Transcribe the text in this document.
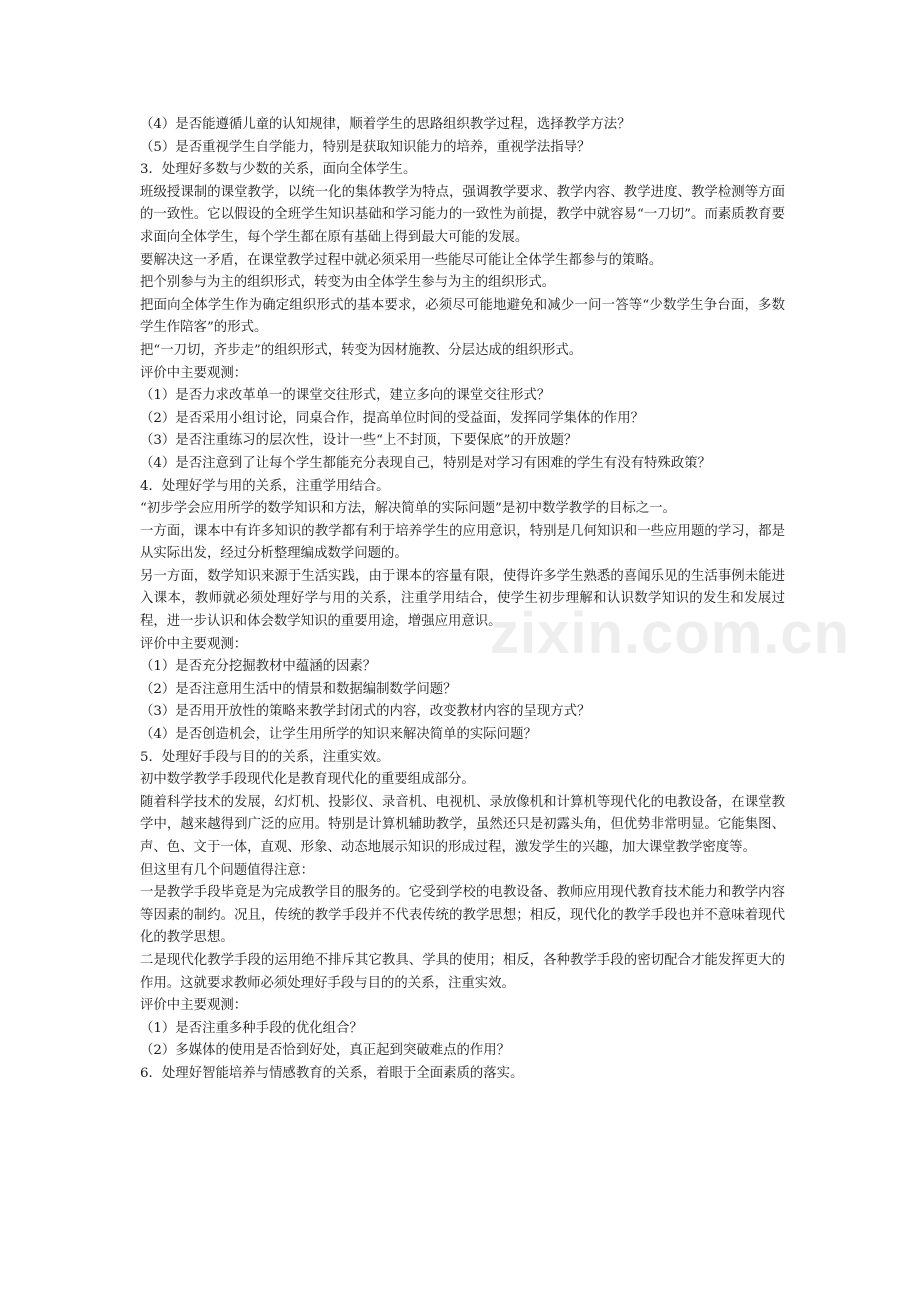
zixin.com.cn
（4）是否能遵循儿童的认知规律，顺着学生的思路组织教学过程，选择教学方法？
（5）是否重视学生自学能力，特别是获取知识能力的培养，重视学法指导？
3．处理好多数与少数的关系，面向全体学生。
班级授课制的课堂教学，以统一化的集体教学为特点，强调教学要求、教学内容、教学进度、教学检测等方面的一致性。它以假设的全班学生知识基础和学习能力的一致性为前提，教学中就容易“一刀切”。而素质教育要求面向全体学生，每个学生都在原有基础上得到最大可能的发展。
要解决这一矛盾，在课堂教学过程中就必须采用一些能尽可能让全体学生都参与的策略。
把个别参与为主的组织形式，转变为由全体学生参与为主的组织形式。
把面向全体学生作为确定组织形式的基本要求，必须尽可能地避免和减少一问一答等“少数学生争台面，多数学生作陪客”的形式。
把“一刀切，齐步走”的组织形式，转变为因材施教、分层达成的组织形式。
评价中主要观测：
（1）是否力求改革单一的课堂交往形式，建立多向的课堂交往形式？
（2）是否采用小组讨论，同桌合作，提高单位时间的受益面，发挥同学集体的作用？
（3）是否注重练习的层次性，设计一些“上不封顶，下要保底”的开放题？
（4）是否注意到了让每个学生都能充分表现自己，特别是对学习有困难的学生有没有特殊政策？
4．处理好学与用的关系，注重学用结合。
“初步学会应用所学的数学知识和方法，解决简单的实际问题”是初中数学教学的目标之一。
一方面，课本中有许多知识的教学都有利于培养学生的应用意识，特别是几何知识和一些应用题的学习，都是从实际出发，经过分析整理编成数学问题的。
另一方面，数学知识来源于生活实践，由于课本的容量有限，使得许多学生熟悉的喜闻乐见的生活事例未能进入课本，教师就必须处理好学与用的关系，注重学用结合，使学生初步理解和认识数学知识的发生和发展过程，进一步认识和体会数学知识的重要用途，增强应用意识。
评价中主要观测：
（1）是否充分挖掘教材中蕴涵的因素？
（2）是否注意用生活中的情景和数据编制数学问题？
（3）是否用开放性的策略来教学封闭式的内容，改变教材内容的呈现方式？
（4）是否创造机会，让学生用所学的知识来解决简单的实际问题？
5．处理好手段与目的的关系，注重实效。
初中数学教学手段现代化是教育现代化的重要组成部分。
随着科学技术的发展，幻灯机、投影仪、录音机、电视机、录放像机和计算机等现代化的电教设备，在课堂教学中，越来越得到广泛的应用。特别是计算机辅助教学，虽然还只是初露头角，但优势非常明显。它能集图、声、色、文于一体，直观、形象、动态地展示知识的形成过程，激发学生的兴趣，加大课堂教学密度等。
但这里有几个问题值得注意：
一是教学手段毕竟是为完成教学目的服务的。它受到学校的电教设备、教师应用现代教育技术能力和教学内容等因素的制约。况且，传统的教学手段并不代表传统的教学思想；相反，现代化的教学手段也并不意味着现代化的教学思想。
二是现代化教学手段的运用绝不排斥其它教具、学具的使用；相反，各种教学手段的密切配合才能发挥更大的作用。这就要求教师必须处理好手段与目的的关系，注重实效。
评价中主要观测：
（1）是否注重多种手段的优化组合？
（2）多媒体的使用是否恰到好处，真正起到突破难点的作用？
6．处理好智能培养与情感教育的关系，着眼于全面素质的落实。
